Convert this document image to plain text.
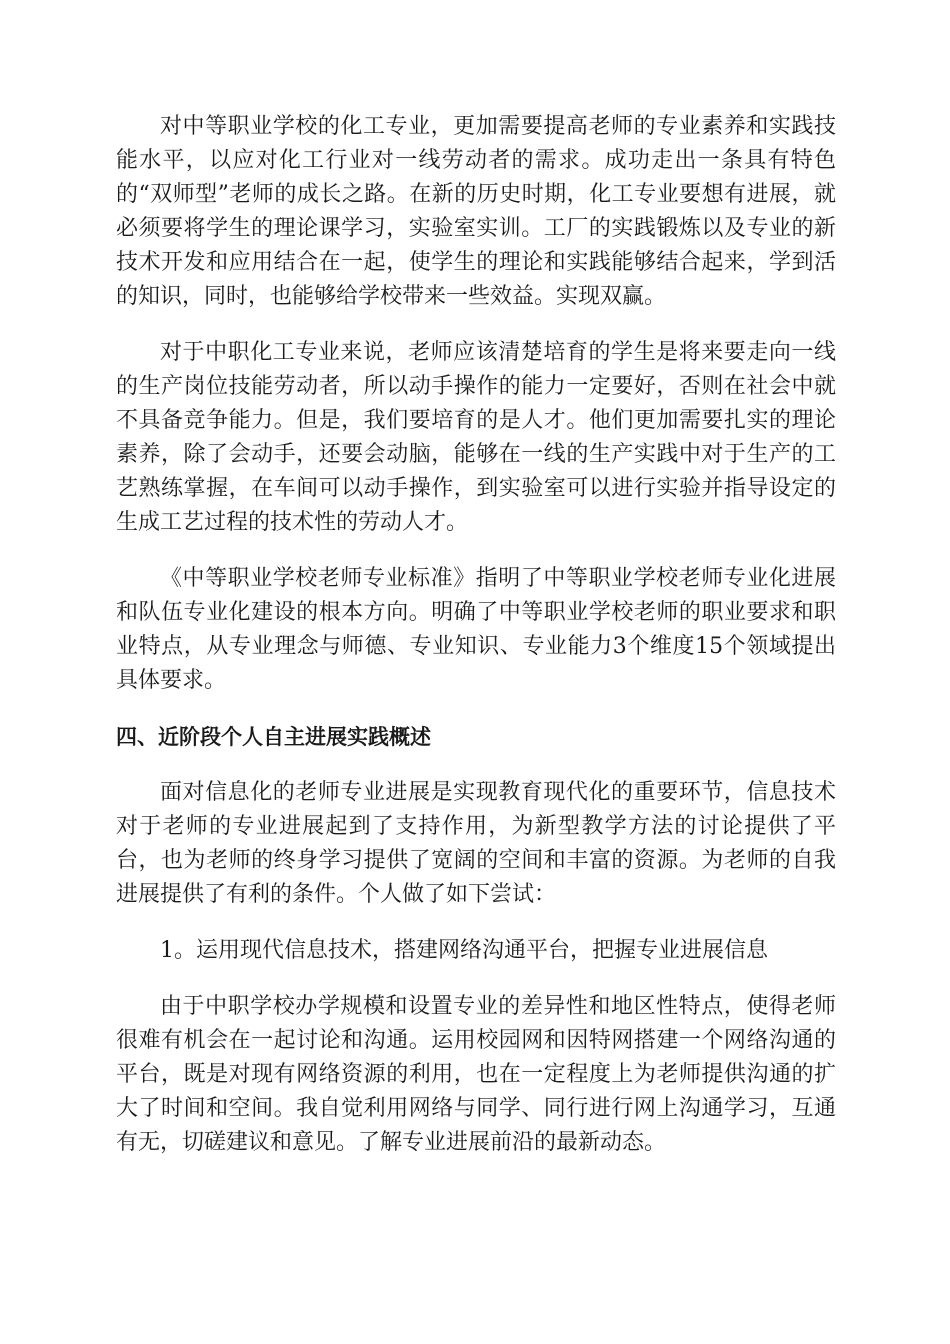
对中等职业学校的化工专业，更加需要提高老师的专业素养和实践技能水平，以应对化工行业对一线劳动者的需求。成功走出一条具有特色的“双师型”老师的成长之路。在新的历史时期，化工专业要想有进展，就必须要将学生的理论课学习，实验室实训。工厂的实践锻炼以及专业的新技术开发和应用结合在一起，使学生的理论和实践能够结合起来，学到活的知识，同时，也能够给学校带来一些效益。实现双赢。

对于中职化工专业来说，老师应该清楚培育的学生是将来要走向一线的生产岗位技能劳动者，所以动手操作的能力一定要好，否则在社会中就不具备竞争能力。但是，我们要培育的是人才。他们更加需要扎实的理论素养，除了会动手，还要会动脑，能够在一线的生产实践中对于生产的工艺熟练掌握，在车间可以动手操作，到实验室可以进行实验并指导设定的生成工艺过程的技术性的劳动人才。

《中等职业学校老师专业标准》指明了中等职业学校老师专业化进展和队伍专业化建设的根本方向。明确了中等职业学校老师的职业要求和职业特点，从专业理念与师德、专业知识、专业能力3个维度15个领域提出具体要求。

四、近阶段个人自主进展实践概述

面对信息化的老师专业进展是实现教育现代化的重要环节，信息技术对于老师的专业进展起到了支持作用，为新型教学方法的讨论提供了平台，也为老师的终身学习提供了宽阔的空间和丰富的资源。为老师的自我进展提供了有利的条件。个人做了如下尝试：

1。运用现代信息技术，搭建网络沟通平台，把握专业进展信息

由于中职学校办学规模和设置专业的差异性和地区性特点，使得老师很难有机会在一起讨论和沟通。运用校园网和因特网搭建一个网络沟通的平台，既是对现有网络资源的利用，也在一定程度上为老师提供沟通的扩大了时间和空间。我自觉利用网络与同学、同行进行网上沟通学习，互通有无，切磋建议和意见。了解专业进展前沿的最新动态。
